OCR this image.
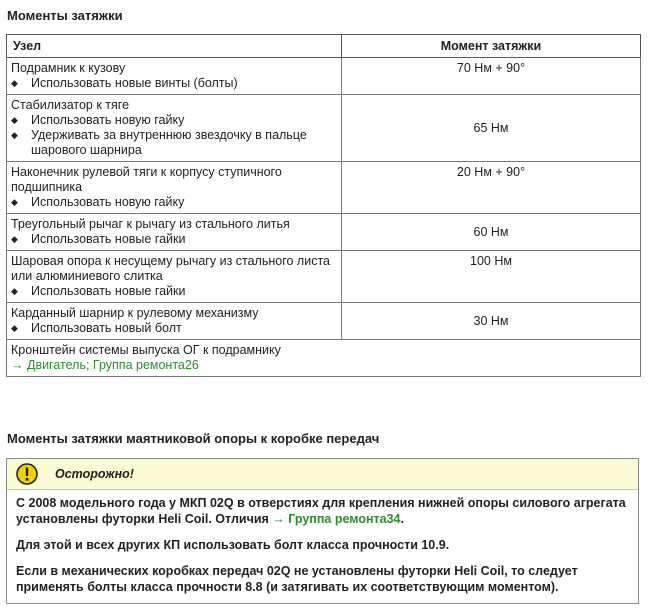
Моменты затяжки
Узел	Момент затяжки

Подрамник к кузову
◆ Использовать новые винты (болты)	70 Нм + 90°

Стабилизатор к тяге
◆ Использовать новую гайку
◆ Удерживать за внутреннюю звездочку в пальце шарового шарнира	65 Нм

Наконечник рулевой тяги к корпусу ступичного подшипника
◆ Использовать новую гайку	20 Нм + 90°

Треугольный рычаг к рычагу из стального литья
◆ Использовать новые гайки	60 Нм

Шаровая опора к несущему рычагу из стального листа или алюминиевого слитка
◆ Использовать новые гайки	100 Нм

Карданный шарнир к рулевому механизму
◆ Использовать новый болт	30 Нм

Кронштейн системы выпуска ОГ к подрамнику
→ Двигатель; Группа ремонта26	
Моменты затяжки маятниковой опоры к коробке передач
Осторожно!

С 2008 модельного года у МКП 02Q в отверстиях для крепления нижней опоры силового агрегата установлены футорки Heli Coil. Отличия → Группа ремонта34.

Для этой и всех других КП использовать болт класса прочности 10.9.

Если в механических коробках передач 02Q не установлены футорки Heli Coil, то следует применять болты класса прочности 8.8 (и затягивать их соответствующим моментом).
